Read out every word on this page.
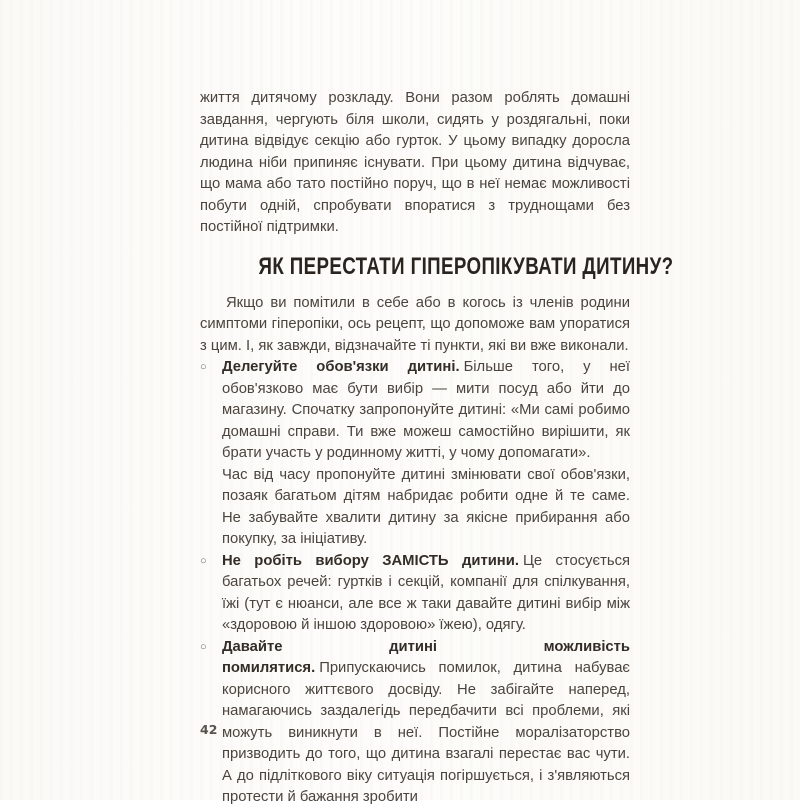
життя дитячому розкладу. Вони разом роблять домашні завдання, чергують біля школи, сидять у роздягальні, поки дитина відвідує секцію або гурток. У цьому випадку доросла людина ніби припиняє існувати. При цьому дитина відчуває, що мама або тато постійно поруч, що в неї немає можливості побути одній, спробувати впоратися з труднощами без постійної підтримки.

ЯК ПЕРЕСТАТИ ГІПЕРОПІКУВАТИ ДИТИНУ?

Якщо ви помітили в себе або в когось із членів родини симптоми гіперопіки, ось рецепт, що допоможе вам упоратися з цим. І, як завжди, відзначайте ті пункти, які ви вже виконали.

○	Делегуйте обов'язки дитині. Більше того, у неї обов'язково має бути вибір — мити посуд або йти до магазину. Спочатку запропонуйте дитині: «Ми самі робимо домашні справи. Ти вже можеш самостійно вирішити, як брати участь у родинному житті, у чому допомагати».
Час від часу пропонуйте дитині змінювати свої обов'язки, позаяк багатьом дітям набридає робити одне й те саме. Не забувайте хвалити дитину за якісне прибирання або покупку, за ініціативу.
○	Не робіть вибору ЗАМІСТЬ дитини. Це стосується багатьох речей: гуртків і секцій, компанії для спілкування, їжі (тут є нюанси, але все ж таки давайте дитині вибір між «здоровою й іншою здоровою» їжею), одягу.
○	Давайте дитині можливість помилятися. Припускаючись помилок, дитина набуває корисного життєвого досвіду. Не забігайте наперед, намагаючись заздалегідь передбачити всі проблеми, які можуть виникнути в неї. Постійне моралізаторство призводить до того, що дитина взагалі перестає вас чути. А до підліткового віку ситуація погіршується, і з'являються протести й бажання зробити
42
